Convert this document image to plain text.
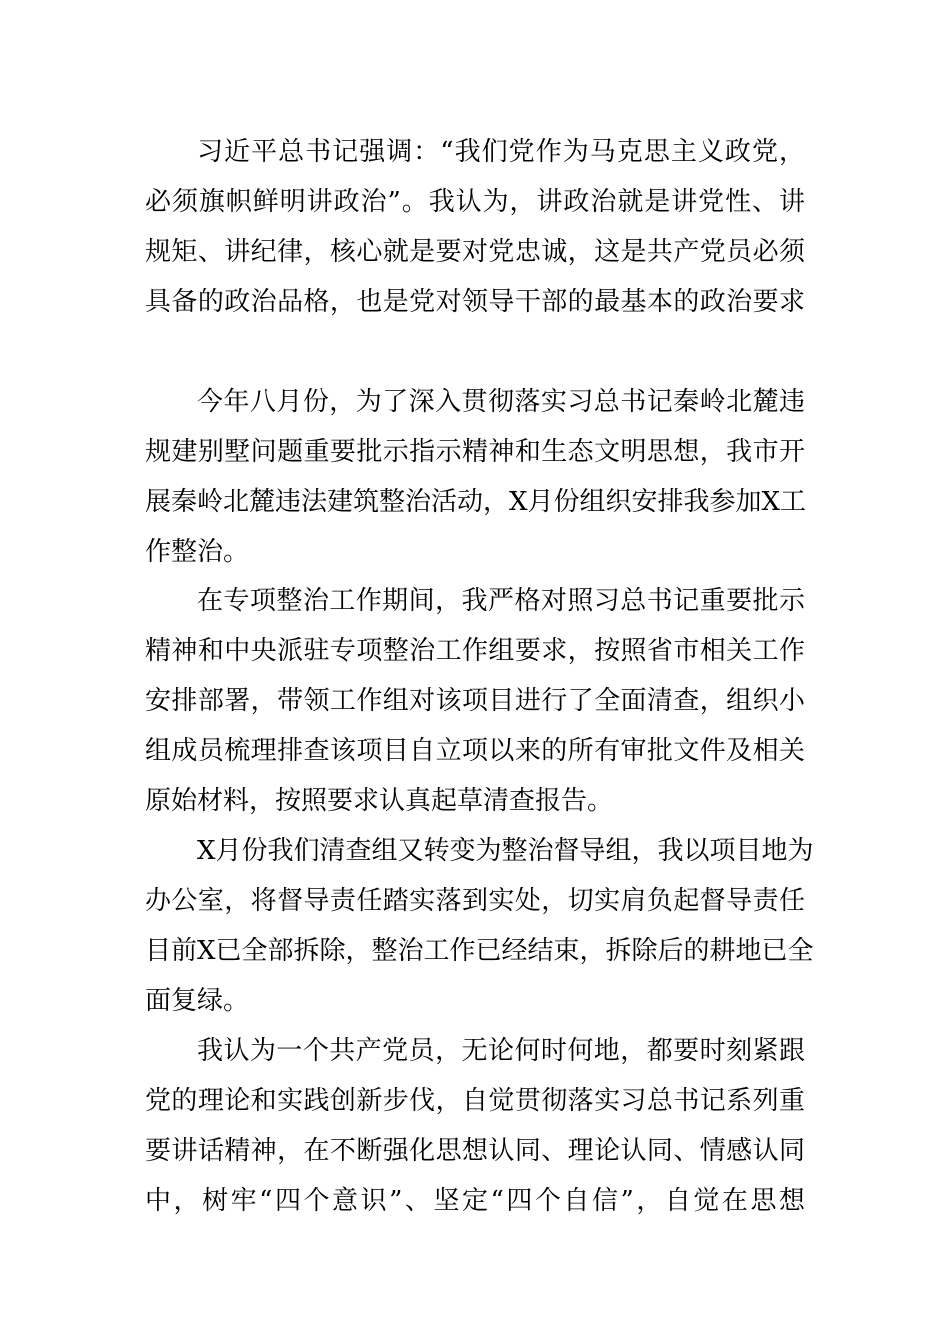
习近平总书记强调：“我们党作为马克思主义政党，
必须旗帜鲜明讲政治”。我认为，讲政治就是讲党性、讲
规矩、讲纪律，核心就是要对党忠诚，这是共产党员必须
具备的政治品格，也是党对领导干部的最基本的政治要求
今年八月份，为了深入贯彻落实习总书记秦岭北麓违
规建别墅问题重要批示指示精神和生态文明思想，我市开
展秦岭北麓违法建筑整治活动，X月份组织安排我参加X工
作整治。
在专项整治工作期间，我严格对照习总书记重要批示
精神和中央派驻专项整治工作组要求，按照省市相关工作
安排部署，带领工作组对该项目进行了全面清查，组织小
组成员梳理排查该项目自立项以来的所有审批文件及相关
原始材料，按照要求认真起草清查报告。
X月份我们清查组又转变为整治督导组，我以项目地为
办公室，将督导责任踏实落到实处，切实肩负起督导责任
目前X已全部拆除，整治工作已经结束，拆除后的耕地已全
面复绿。
我认为一个共产党员，无论何时何地，都要时刻紧跟
党的理论和实践创新步伐，自觉贯彻落实习总书记系列重
要讲话精神，在不断强化思想认同、理论认同、情感认同
中，树牢“四个意识”、坚定“四个自信”，自觉在思想
